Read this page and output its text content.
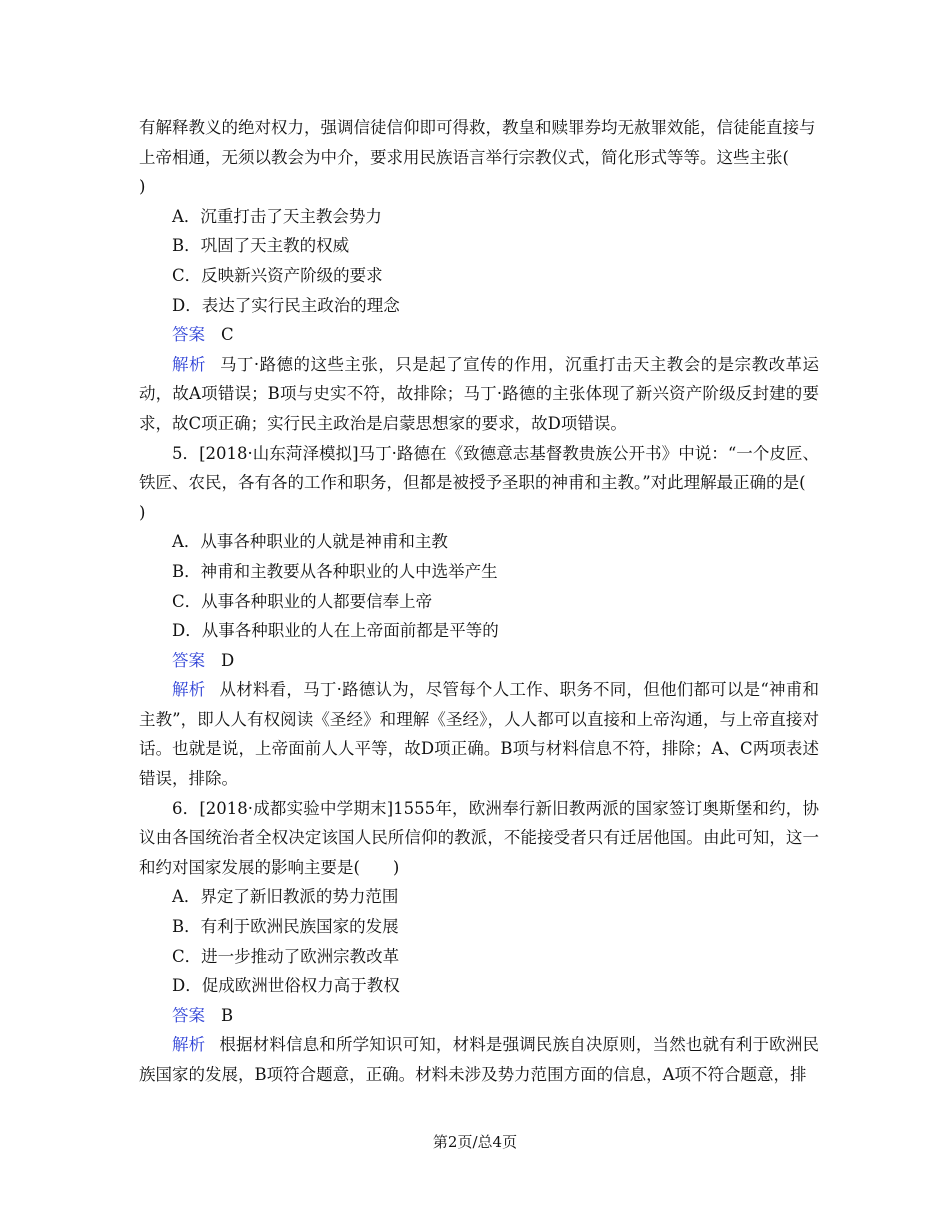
有解释教义的绝对权力，强调信徒信仰即可得救，教皇和赎罪券均无赦罪效能，信徒能直接与
上帝相通，无须以教会为中介，要求用民族语言举行宗教仪式，简化形式等等。这些主张(
)

A．沉重打击了天主教会势力

B．巩固了天主教的权威

C．反映新兴资产阶级的要求

D．表达了实行民主政治的理念

答案 C

解析 马丁·路德的这些主张，只是起了宣传的作用，沉重打击天主教会的是宗教改革运动，故A项错误；B项与史实不符，故排除；马丁·路德的主张体现了新兴资产阶级反封建的要求，故C项正确；实行民主政治是启蒙思想家的要求，故D项错误。

5．[2018·山东菏泽模拟]马丁·路德在《致德意志基督教贵族公开书》中说：“一个皮匠、铁匠、农民，各有各的工作和职务，但都是被授予圣职的神甫和主教。”对此理解最正确的是(
)

A．从事各种职业的人就是神甫和主教

B．神甫和主教要从各种职业的人中选举产生

C．从事各种职业的人都要信奉上帝

D．从事各种职业的人在上帝面前都是平等的

答案 D

解析 从材料看，马丁·路德认为，尽管每个人工作、职务不同，但他们都可以是“神甫和主教”，即人人有权阅读《圣经》和理解《圣经》，人人都可以直接和上帝沟通，与上帝直接对话。也就是说，上帝面前人人平等，故D项正确。B项与材料信息不符，排除；A、C两项表述错误，排除。

6．[2018·成都实验中学期末]1555年，欧洲奉行新旧教两派的国家签订奥斯堡和约，协议由各国统治者全权决定该国人民所信仰的教派，不能接受者只有迁居他国。由此可知，这一和约对国家发展的影响主要是(　　)

A．界定了新旧教派的势力范围

B．有利于欧洲民族国家的发展

C．进一步推动了欧洲宗教改革

D．促成欧洲世俗权力高于教权

答案 B

解析 根据材料信息和所学知识可知，材料是强调民族自决原则，当然也就有利于欧洲民族国家的发展，B项符合题意，正确。材料未涉及势力范围方面的信息，A项不符合题意，排

第2页/总4页
